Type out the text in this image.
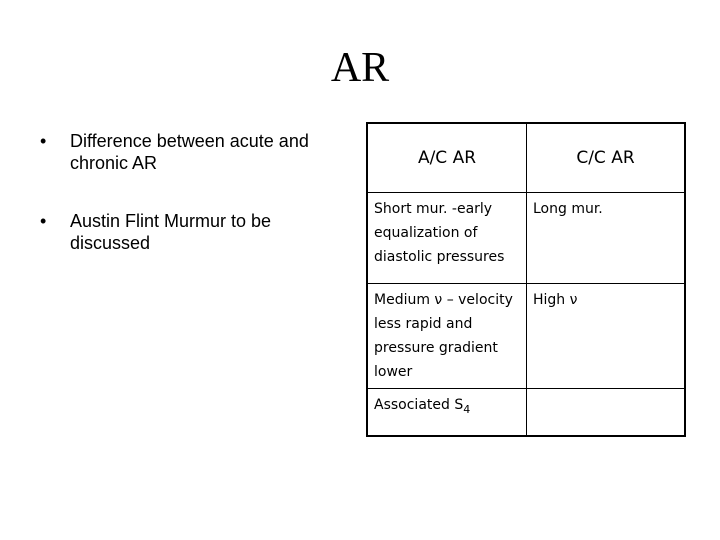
AR
• Difference between acute and chronic AR
• Austin Flint Murmur to be discussed
A/C AR	C/C AR
Short mur. -early equalization of diastolic pressures	Long mur.
Medium ν – velocity less rapid and pressure gradient lower	High ν
Associated $S_4$	
